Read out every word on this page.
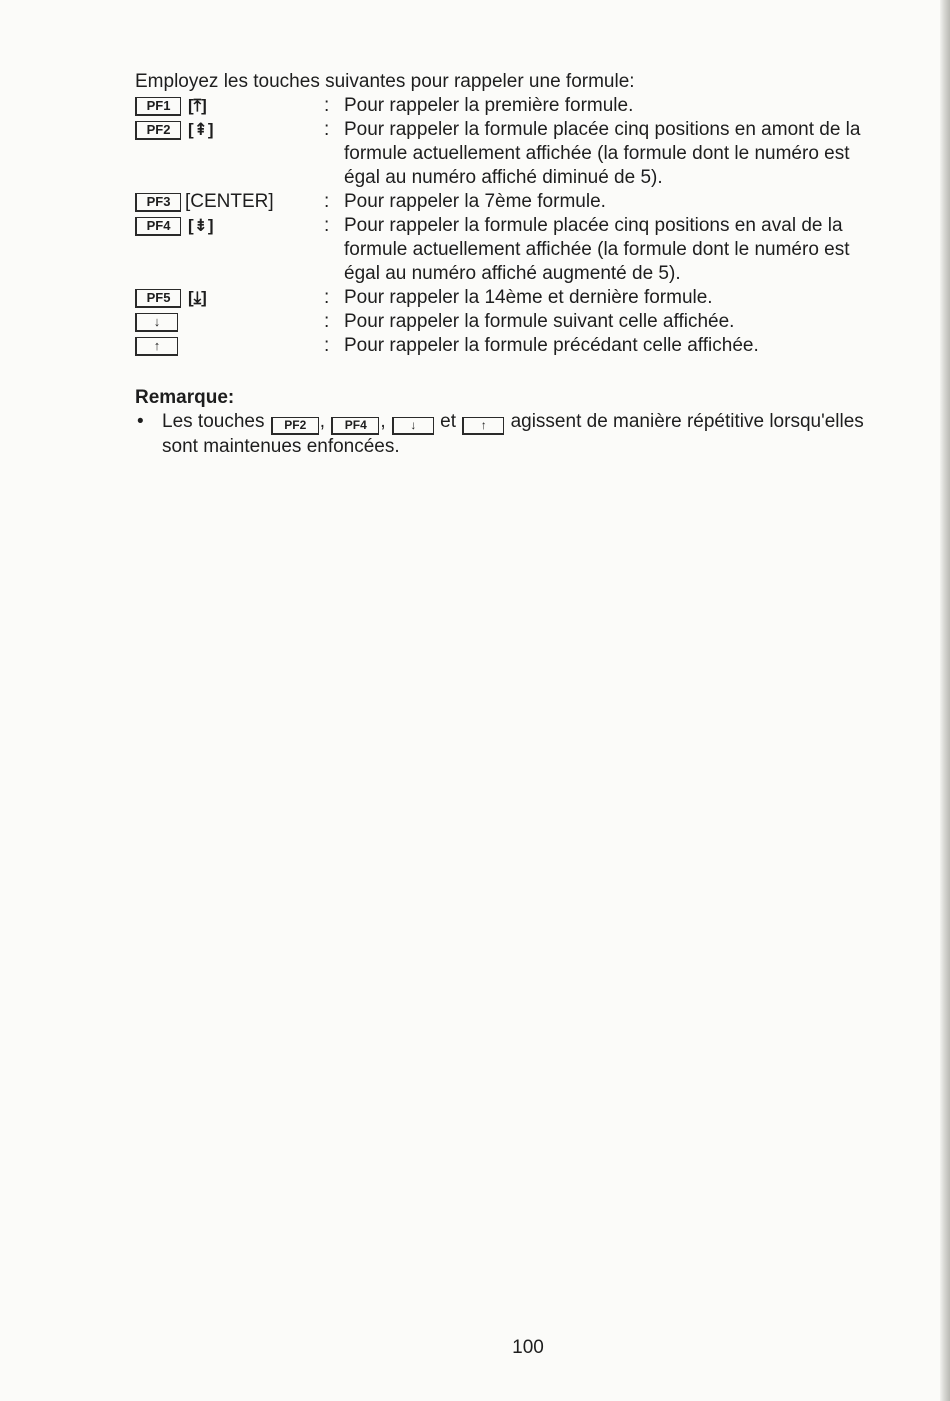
Employez les touches suivantes pour rappeler une formule:
PF1	[⤒]	: Pour rappeler la première formule.
PF2	[⇞]	: Pour rappeler la formule placée cinq positions en amont de la
formule actuellement affichée (la formule dont le numéro est
égal au numéro affiché diminué de 5).
PF3 [CENTER]	: Pour rappeler la 7ème formule.
PF4	[⇟]	: Pour rappeler la formule placée cinq positions en aval de la
formule actuellement affichée (la formule dont le numéro est
égal au numéro affiché augmenté de 5).
PF5	[⤓]	: Pour rappeler la 14ème et dernière formule.
↓	: Pour rappeler la formule suivant celle affichée.
↑	: Pour rappeler la formule précédant celle affichée.
Remarque:
• Les touches PF2 , PF4 , ↓ et ↑ agissent de manière répétitive lorsqu'elles
sont maintenues enfoncées.
100
